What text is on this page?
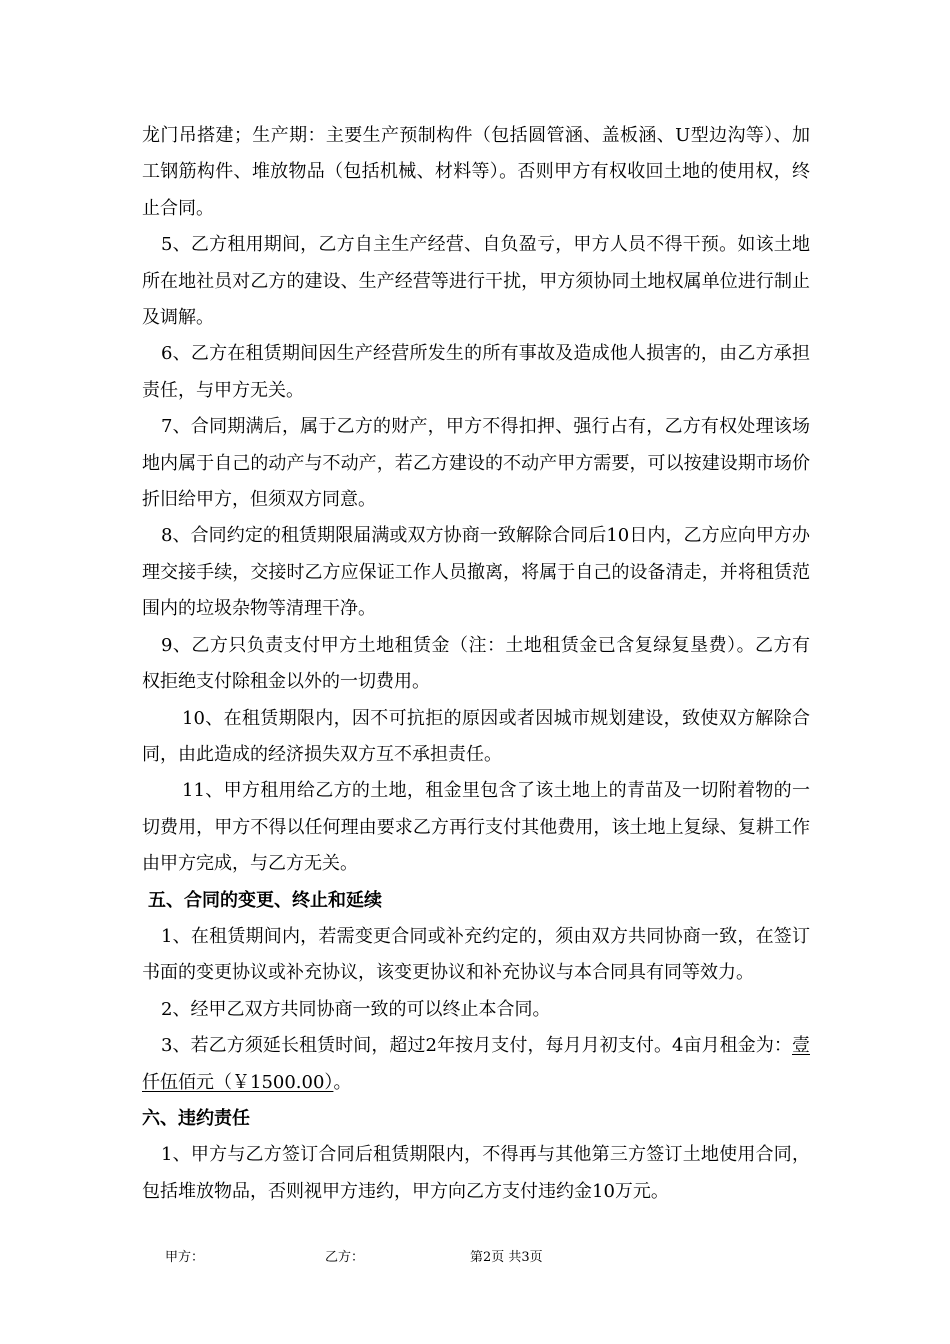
龙门吊搭建；生产期：主要生产预制构件（包括圆管涵、盖板涵、U型边沟等）、加工钢筋构件、堆放物品（包括机械、材料等）。否则甲方有权收回土地的使用权，终止合同。

5、乙方租用期间，乙方自主生产经营、自负盈亏，甲方人员不得干预。如该土地所在地社员对乙方的建设、生产经营等进行干扰，甲方须协同土地权属单位进行制止及调解。

6、乙方在租赁期间因生产经营所发生的所有事故及造成他人损害的，由乙方承担责任，与甲方无关。

7、合同期满后，属于乙方的财产，甲方不得扣押、强行占有，乙方有权处理该场地内属于自己的动产与不动产，若乙方建设的不动产甲方需要，可以按建设期市场价折旧给甲方，但须双方同意。

8、合同约定的租赁期限届满或双方协商一致解除合同后10日内，乙方应向甲方办理交接手续，交接时乙方应保证工作人员撤离，将属于自己的设备清走，并将租赁范围内的垃圾杂物等清理干净。

9、乙方只负责支付甲方土地租赁金（注：土地租赁金已含复绿复垦费）。乙方有权拒绝支付除租金以外的一切费用。

10、在租赁期限内，因不可抗拒的原因或者因城市规划建设，致使双方解除合同，由此造成的经济损失双方互不承担责任。

11、甲方租用给乙方的土地，租金里包含了该土地上的青苗及一切附着物的一切费用，甲方不得以任何理由要求乙方再行支付其他费用，该土地上复绿、复耕工作由甲方完成，与乙方无关。

五、合同的变更、终止和延续

1、在租赁期间内，若需变更合同或补充约定的，须由双方共同协商一致，在签订书面的变更协议或补充协议，该变更协议和补充协议与本合同具有同等效力。

2、经甲乙双方共同协商一致的可以终止本合同。

3、若乙方须延长租赁时间，超过2年按月支付，每月月初支付。4亩月租金为：壹仟伍佰元（￥1500.00）。

六、违约责任

1、甲方与乙方签订合同后租赁期限内，不得再与其他第三方签订土地使用合同，包括堆放物品，否则视甲方违约，甲方向乙方支付违约金10万元。

甲方：	乙方：	第2页 共3页
